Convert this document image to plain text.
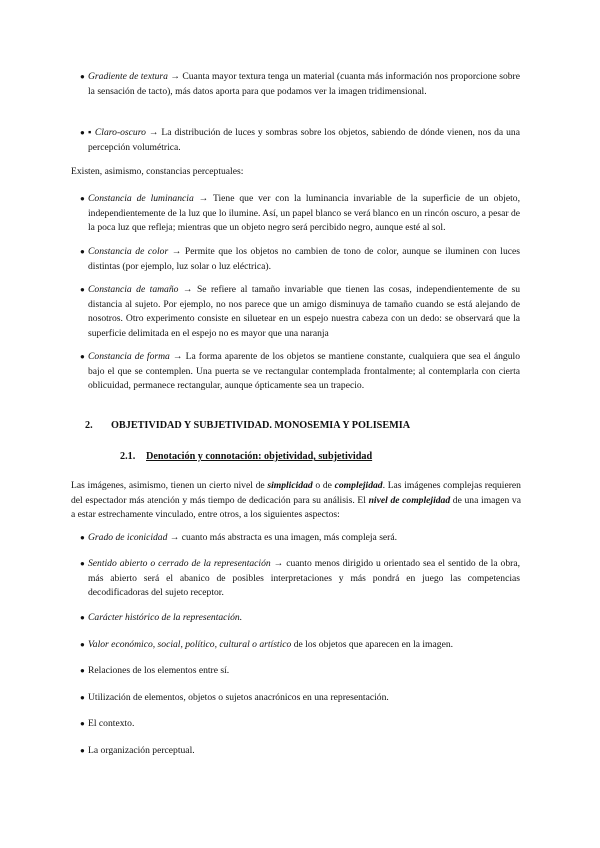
● Gradiente de textura → Cuanta mayor textura tenga un material (cuanta más información nos proporcione sobre la sensación de tacto), más datos aporta para que podamos ver la imagen tridimensional.
● ▪ Claro-oscuro → La distribución de luces y sombras sobre los objetos, sabiendo de dónde vienen, nos da una percepción volumétrica.
Existen, asimismo, constancias perceptuales:
● Constancia de luminancia → Tiene que ver con la luminancia invariable de la superficie de un objeto, independientemente de la luz que lo ilumine. Así, un papel blanco se verá blanco en un rincón oscuro, a pesar de la poca luz que refleja; mientras que un objeto negro será percibido negro, aunque esté al sol.
● Constancia de color → Permite que los objetos no cambien de tono de color, aunque se iluminen con luces distintas (por ejemplo, luz solar o luz eléctrica).
● Constancia de tamaño → Se refiere al tamaño invariable que tienen las cosas, independientemente de su distancia al sujeto. Por ejemplo, no nos parece que un amigo disminuya de tamaño cuando se está alejando de nosotros. Otro experimento consiste en siluetear en un espejo nuestra cabeza con un dedo: se observará que la superficie delimitada en el espejo no es mayor que una naranja
● Constancia de forma → La forma aparente de los objetos se mantiene constante, cualquiera que sea el ángulo bajo el que se contemplen. Una puerta se ve rectangular contemplada frontalmente; al contemplarla con cierta oblicuidad, permanece rectangular, aunque ópticamente sea un trapecio.
2. OBJETIVIDAD Y SUBJETIVIDAD. MONOSEMIA Y POLISEMIA
2.1. Denotación y connotación: objetividad, subjetividad
Las imágenes, asimismo, tienen un cierto nivel de simplicidad o de complejidad. Las imágenes complejas requieren del espectador más atención y más tiempo de dedicación para su análisis. El nivel de complejidad de una imagen va a estar estrechamente vinculado, entre otros, a los siguientes aspectos:
● Grado de iconicidad → cuanto más abstracta es una imagen, más compleja será.
● Sentido abierto o cerrado de la representación → cuanto menos dirigido u orientado sea el sentido de la obra, más abierto será el abanico de posibles interpretaciones y más pondrá en juego las competencias decodificadoras del sujeto receptor.
● Carácter histórico de la representación.
● Valor económico, social, político, cultural o artístico de los objetos que aparecen en la imagen.
● Relaciones de los elementos entre sí.
● Utilización de elementos, objetos o sujetos anacrónicos en una representación.
● El contexto.
● La organización perceptual.
